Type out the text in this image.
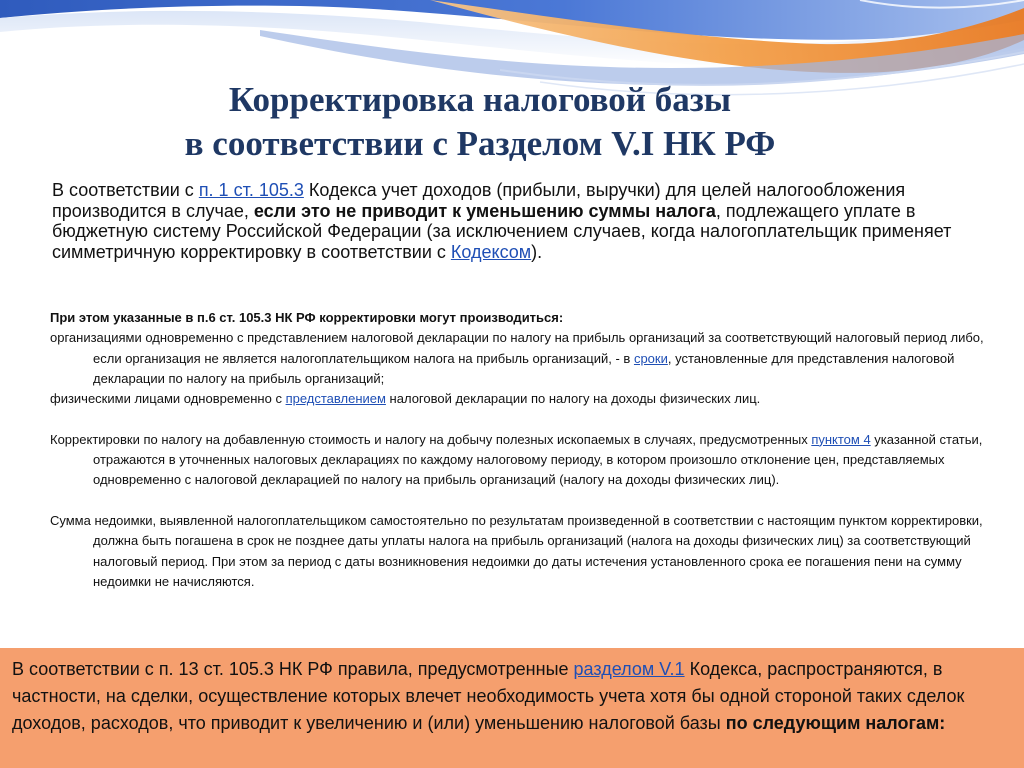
Корректировка налоговой базы
в соответствии с Разделом V.I НК РФ

В соответствии с п. 1 ст. 105.3 Кодекса учет доходов (прибыли, выручки) для целей налогообложения производится в случае, если это не приводит к уменьшению суммы налога, подлежащего уплате в бюджетную систему Российской Федерации (за исключением случаев, когда налогоплательщик применяет симметричную корректировку в соответствии с Кодексом).

При этом указанные в п.6 ст. 105.3 НК РФ корректировки могут производиться:

организациями одновременно с представлением налоговой декларации по налогу на прибыль организаций за соответствующий налоговый период либо, если организация не является налогоплательщиком налога на прибыль организаций, - в сроки, установленные для представления налоговой декларации по налогу на прибыль организаций;

физическими лицами одновременно с представлением налоговой декларации по налогу на доходы физических лиц.

Корректировки по налогу на добавленную стоимость и налогу на добычу полезных ископаемых в случаях, предусмотренных пунктом 4 указанной статьи, отражаются в уточненных налоговых декларациях по каждому налоговому периоду, в котором произошло отклонение цен, представляемых одновременно с налоговой декларацией по налогу на прибыль организаций (налогу на доходы физических лиц).

Сумма недоимки, выявленной налогоплательщиком самостоятельно по результатам произведенной в соответствии с настоящим пунктом корректировки, должна быть погашена в срок не позднее даты уплаты налога на прибыль организаций (налога на доходы физических лиц) за соответствующий налоговый период. При этом за период с даты возникновения недоимки до даты истечения установленного срока ее погашения пени на сумму недоимки не начисляются.

В соответствии с п. 13 ст. 105.3 НК РФ правила, предусмотренные разделом V.1 Кодекса, распространяются, в частности, на сделки, осуществление которых влечет необходимость учета хотя бы одной стороной таких сделок доходов, расходов, что приводит к увеличению и (или) уменьшению налоговой базы по следующим налогам:
